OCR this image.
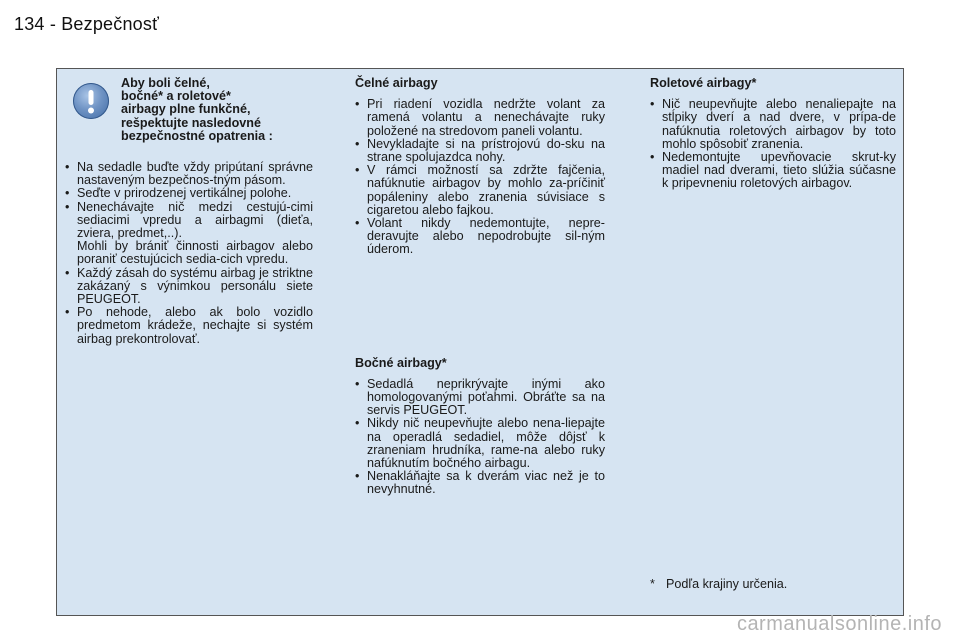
134 - Bezpečnosť
Aby boli čelné,
bočné* a roletové*
airbagy plne funkčné,
rešpektujte nasledovné
bezpečnostné opatrenia :
• Na sedadle buďte vždy pripútaní správne nastaveným bezpečnos-tným pásom.
• Seďte v prirodzenej vertikálnej polohe.
• Nenechávajte nič medzi cestujú-cimi sediacimi vpredu a airbagmi (dieťa, zviera, predmet,..).
Mohli by brániť činnosti airbagov alebo poraniť cestujúcich sedia-cich vpredu.
• Každý zásah do systému airbag je striktne zakázaný s výnimkou personálu siete PEUGEOT.
• Po nehode, alebo ak bolo vozidlo predmetom krádeže, nechajte si systém airbag prekontrolovať.
Čelné airbagy
• Pri riadení vozidla nedržte volant za ramená volantu a nenechávajte ruky položené na stredovom paneli volantu.
• Nevykladajte si na prístrojovú do-sku na strane spolujazdca nohy.
• V rámci možností sa zdržte fajčenia, nafúknutie airbagov by mohlo za-príčiniť popáleniny alebo zranenia súvisiace s cigaretou alebo fajkou.
• Volant nikdy nedemontujte, nepre-deravujte alebo nepodrobujte sil-ným úderom.
Bočné airbagy*
• Sedadlá neprikrývajte inými ako homologovanými poťahmi. Obráťte sa na servis PEUGEOT.
• Nikdy nič neupevňujte alebo nena-liepajte na operadlá sedadiel, môže dôjsť k zraneniam hrudníka, rame-na alebo ruky nafúknutím bočného airbagu.
• Nenakláňajte sa k dverám viac než je to nevyhnutné.
Roletové airbagy*
• Nič neupevňujte alebo nenaliepajte na stĺpiky dverí a nad dvere, v prípa-de nafúknutia roletových airbagov by toto mohlo spôsobiť zranenia.
• Nedemontujte upevňovacie skrut-ky madiel nad dverami, tieto slúžia súčasne k pripevneniu roletových airbagov.
* Podľa krajiny určenia.
carmanualsonline.info
